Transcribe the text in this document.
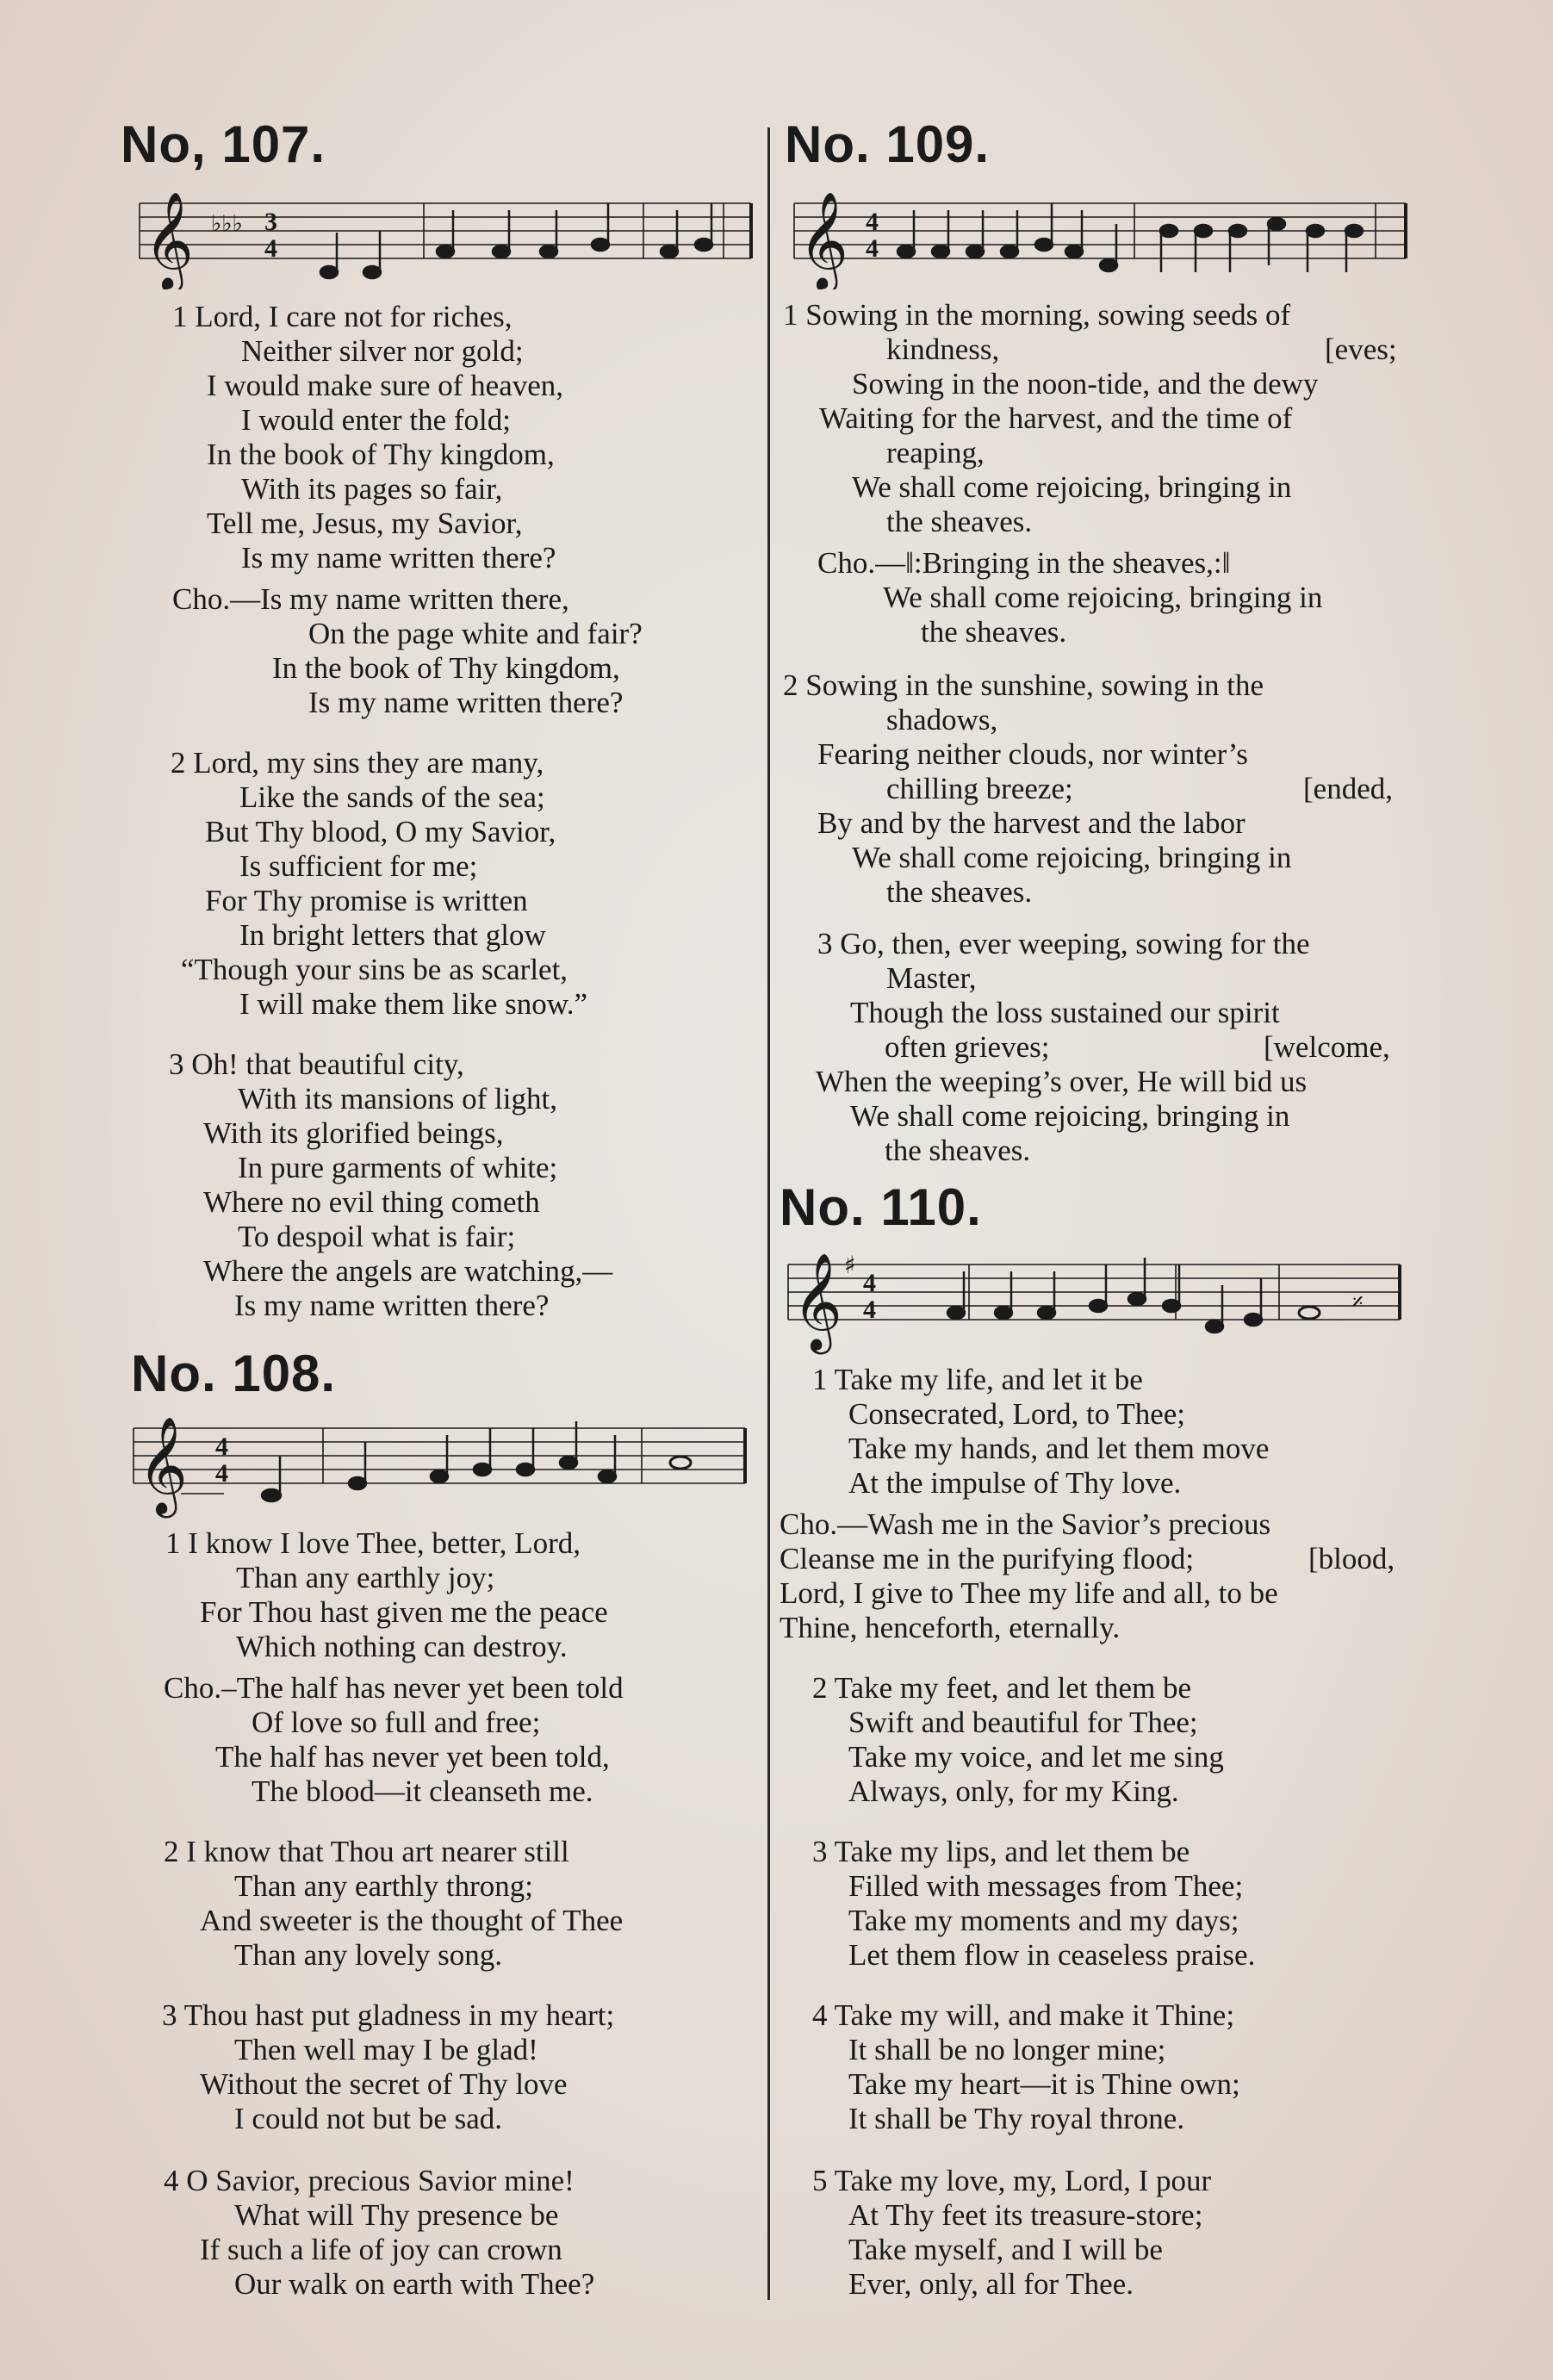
No, 107.
𝄞 ♭♭♭ 3
4
1 Lord, I care not for riches,
Neither silver nor gold;
I would make sure of heaven,
I would enter the fold;
In the book of Thy kingdom,
With its pages so fair,
Tell me, Jesus, my Savior,
Is my name written there?
Cho.—Is my name written there,
On the page white and fair?
In the book of Thy kingdom,
Is my name written there?
2 Lord, my sins they are many,
Like the sands of the sea;
But Thy blood, O my Savior,
Is sufficient for me;
For Thy promise is written
In bright letters that glow
“Though your sins be as scarlet,
I will make them like snow.”
3 Oh! that beautiful city,
With its mansions of light,
With its glorified beings,
In pure garments of white;
Where no evil thing cometh
To despoil what is fair;
Where the angels are watching,—
Is my name written there?
No. 108.
𝄞 4
4
1 I know I love Thee, better, Lord,
Than any earthly joy;
For Thou hast given me the peace
Which nothing can destroy.
Cho.–The half has never yet been told
Of love so full and free;
The half has never yet been told,
The blood—it cleanseth me.
2 I know that Thou art nearer still
Than any earthly throng;
And sweeter is the thought of Thee
Than any lovely song.
3 Thou hast put gladness in my heart;
Then well may I be glad!
Without the secret of Thy love
I could not but be sad.
4 O Savior, precious Savior mine!
What will Thy presence be
If such a life of joy can crown
Our walk on earth with Thee?
No. 109.
𝄞 4
4
1 Sowing in the morning, sowing seeds of
kindness,	[eves;
Sowing in the noon-tide, and the dewy
Waiting for the harvest, and the time of
reaping,
We shall come rejoicing, bringing in
the sheaves.
Cho.—‖:Bringing in the sheaves,:‖
We shall come rejoicing, bringing in
the sheaves.
2 Sowing in the sunshine, sowing in the
shadows,
Fearing neither clouds, nor winter’s
chilling breeze;	[ended,
By and by the harvest and the labor
We shall come rejoicing, bringing in
the sheaves.
3 Go, then, ever weeping, sowing for the
Master,
Though the loss sustained our spirit
often grieves;	[welcome,
When the weeping’s over, He will bid us
We shall come rejoicing, bringing in
the sheaves.
No. 110.
𝄞 ♯
4
4	𝄎
1 Take my life, and let it be
Consecrated, Lord, to Thee;
Take my hands, and let them move
At the impulse of Thy love.
Cho.—Wash me in the Savior’s precious
Cleanse me in the purifying flood;	[blood,
Lord, I give to Thee my life and all, to be
Thine, henceforth, eternally.
2 Take my feet, and let them be
Swift and beautiful for Thee;
Take my voice, and let me sing
Always, only, for my King.
3 Take my lips, and let them be
Filled with messages from Thee;
Take my moments and my days;
Let them flow in ceaseless praise.
4 Take my will, and make it Thine;
It shall be no longer mine;
Take my heart—it is Thine own;
It shall be Thy royal throne.
5 Take my love, my, Lord, I pour
At Thy feet its treasure-store;
Take myself, and I will be
Ever, only, all for Thee.
